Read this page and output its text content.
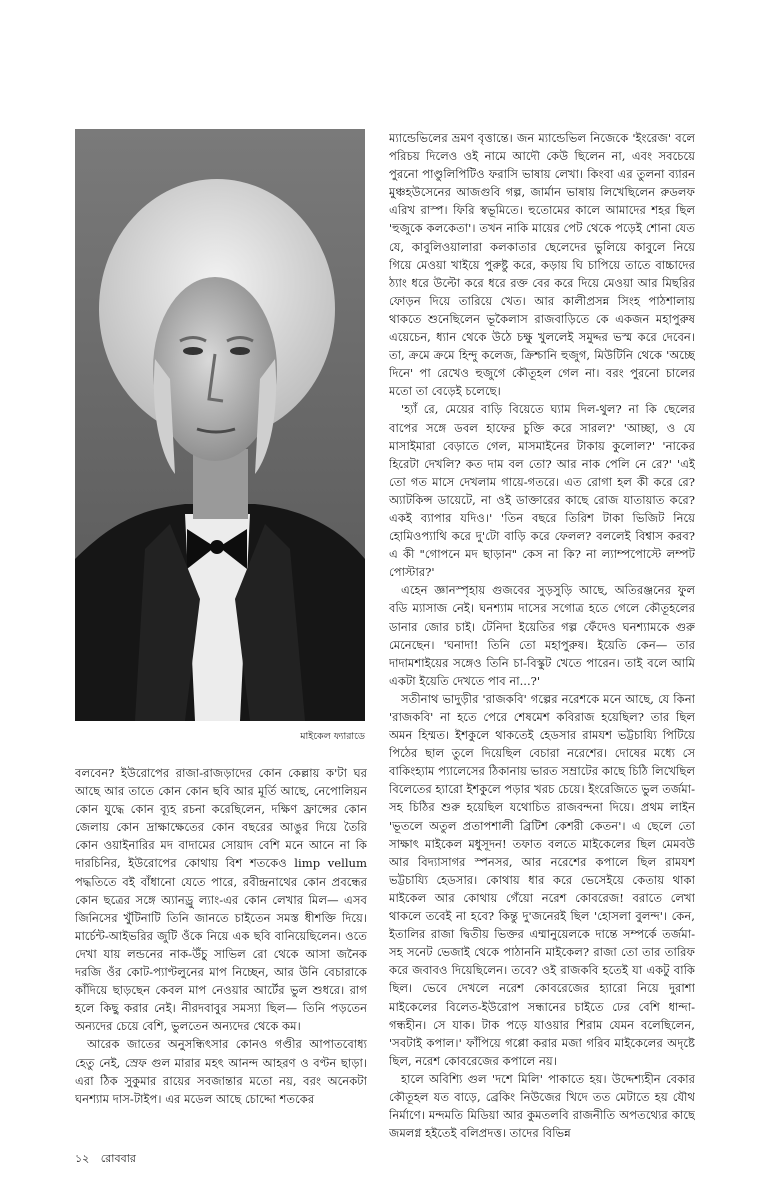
মাইকেল ফ্যারাডে

বলবেন? ইউরোপের রাজা-রাজড়াদের কোন কেল্লায় ক'টা ঘর আছে আর তাতে কোন কোন ছবি আর মূর্তি আছে, নেপোলিয়ন কোন যুদ্ধে কোন ব্যূহ রচনা করেছিলেন, দক্ষিণ ফ্রান্সের কোন জেলায় কোন দ্রাক্ষাক্ষেতের কোন বছরের আঙুর দিয়ে তৈরি কোন ওয়াইনারির মদ বাদামের সোয়াদ বেশি মনে আনে না কি দারচিনির, ইউরোপের কোথায় বিশ শতকেও limp vellum পদ্ধতিতে বই বাঁধানো যেতে পারে, রবীন্দ্রনাথের কোন প্রবন্ধের কোন ছত্রের সঙ্গে অ্যানড্রু ল্যাং-এর কোন লেখার মিল— এসব জিনিসের খুঁটিনাটি তিনি জানতে চাইতেন সমস্ত ধীশক্তি দিয়ে। মার্চেন্ট-আইভরির জুটি ওঁকে নিয়ে এক ছবি বানিয়েছিলেন। ওতে দেখা যায় লন্ডনের নাক-উঁচু সাভিল রো থেকে আসা জনৈক দরজি ওঁর কোট-প্যাণ্টলুনের মাপ নিচ্ছেন, আর উনি বেচারাকে কাঁদিয়ে ছাড়ছেন কেবল মাপ নেওয়ার আর্টের ভুল শুধরে। রাগ হলে কিছু করার নেই। নীরদবাবুর সমস্যা ছিল— তিনি পড়তেন অন্যদের চেয়ে বেশি, ভুলতেন অন্যদের থেকে কম।

আরেক জাতের অনুসন্ধিৎসার কোনও গণ্ডীর আপাতবোধ্য হেতু নেই, স্রেফ গুল মারার মহৎ আনন্দ আহরণ ও বণ্টন ছাড়া। এরা ঠিক সুকুমার রায়ের সবজান্তার মতো নয়, বরং অনেকটা ঘনশ্যাম দাস-টাইপ। এর মডেল আছে চোদ্দো শতকের

ম্যান্ডেভিলের ভ্রমণ বৃত্তান্তে। জন ম্যান্ডেভিল নিজেকে 'ইংরেজ' বলে পরিচয় দিলেও ওই নামে আদৌ কেউ ছিলেন না, এবং সবচেয়ে পুরনো পাণ্ডুলিপিটিও ফরাসি ভাষায় লেখা। কিংবা এর তুলনা ব্যারন মুঞ্চহউসেনের আজগুবি গল্প, জার্মান ভাষায় লিখেছিলেন রুডলফ এরিখ রাস্প। ফিরি স্বভূমিতে। হুতোমের কালে আমাদের শহর ছিল 'হুজুকে কলকেতা'। তখন নাকি মায়ের পেট থেকে পড়েই শোনা যেত যে, কাবুলিওয়ালারা কলকাতার ছেলেদের ভুলিয়ে কাবুলে নিয়ে গিয়ে মেওয়া খাইয়ে পুরুষ্টু করে, কড়ায় ঘি চাপিয়ে তাতে বাচ্চাদের ঠ্যাং ধরে উল্টো করে ধরে রক্ত বের করে দিয়ে মেওয়া আর মিছরির ফোড়ন দিয়ে তারিয়ে খেত। আর কালীপ্রসন্ন সিংহ পাঠশালায় থাকতে শুনেছিলেন ভূকৈলাস রাজবাড়িতে কে একজন মহাপুরুষ এয়েচেন, ধ্যান থেকে উঠে চক্ষু খুললেই সমুদ্দর ভস্ম করে দেবেন। তা, ক্রমে ক্রমে হিন্দু কলেজ, ক্রিশ্চানি হুজুগ, মিউটিনি থেকে 'অচ্ছে দিনে' পা রেখেও হুজুগে কৌতূহল গেল না। বরং পুরনো চালের মতো তা বেড়েই চলেছে।

'হ্যাঁ রে, মেয়ের বাড়ি বিয়েতে ঘ্যাম দিল-থুল? না কি ছেলের বাপের সঙ্গে ডবল হাফের চুক্তি করে সারল?' 'আচ্ছা, ও যে মাসাইমারা বেড়াতে গেল, মাসমাইনের টাকায় কুলোল?' 'নাকের হিরেটা দেখলি? কত দাম বল তো? আর নাক পেলি নে রে?' 'এই তো গত মাসে দেখলাম গায়ে-গতরে। এত রোগা হল কী করে রে? অ্যাটকিন্স ডায়েটে, না ওই ডাক্তারের কাছে রোজ যাতায়াত করে? একই ব্যাপার যদিও।' 'তিন বছরে তিরিশ টাকা ভিজিট নিয়ে হোমিওপ্যাথি করে দু'টো বাড়ি করে ফেলল? বললেই বিশ্বাস করব? এ কী "গোপনে মদ ছাড়ান" কেস না কি? না ল্যাম্পপোস্টে লম্পট পোস্টার?'

এহেন জ্ঞানস্পৃহায় গুজবের সুড়সুড়ি আছে, অতিরঞ্জনের ফুল বডি ম্যাসাজ নেই। ঘনশ্যাম দাসের সগোত্র হতে গেলে কৌতূহলের ডানার জোর চাই। টেনিদা ইয়েতির গল্প ফেঁদেও ঘনশ্যামকে গুরু মেনেছেন। 'ঘনাদা! তিনি তো মহাপুরুষ। ইয়েতি কেন— তার দাদামশাইয়ের সঙ্গেও তিনি চা-বিস্কুট খেতে পারেন। তাই বলে আমি একটা ইয়েতি দেখতে পাব না...?'

সতীনাথ ভাদুড়ীর 'রাজকবি' গল্পের নরেশকে মনে আছে, যে কিনা 'রাজকবি' না হতে পেরে শেষমেশ কবিরাজ হয়েছিল? তার ছিল অমন হিম্মত। ইশকুলে থাকতেই হেডসার রামযশ ভট্টচায্যি পিটিয়ে পিঠের ছাল তুলে দিয়েছিল বেচারা নরেশের। দোষের মধ্যে সে বাকিংহ্যাম প্যালেসের ঠিকানায় ভারত সম্রাটের কাছে চিঠি লিখেছিল বিলেতের হ্যারো ইশকুলে পড়ার খরচ চেয়ে। ইংরেজিতে ভুল তর্জমা-সহ চিঠির শুরু হয়েছিল যথোচিত রাজবন্দনা দিয়ে। প্রথম লাইন 'ভূতলে অতুল প্রতাপশালী ব্রিটিশ কেশরী কেতন'। এ ছেলে তো সাক্ষাৎ মাইকেল মধুসূদন! তফাত বলতে মাইকেলের ছিল মেমবউ আর বিদ্যাসাগর স্পনসর, আর নরেশের কপালে ছিল রামযশ ভট্টচায্যি হেডসার। কোথায় ধার করে ভেসেইয়ে কেতায় থাকা মাইকেল আর কোথায় গেঁয়ো নরেশ কোবরেজ! বরাতে লেখা থাকলে তবেই না হবে? কিন্তু দু'জনেরই ছিল 'হোসলা বুলন্দ'। কেন, ইতালির রাজা দ্বিতীয় ভিক্তর এম্মানুয়েলকে দান্তে সম্পর্কে তর্জমা-সহ সনেট ভেজাই থেকে পাঠাননি মাইকেল? রাজা তো তার তারিফ করে জবাবও দিয়েছিলেন। তবে? ওই রাজকবি হতেই যা একটু বাকি ছিল। ভেবে দেখলে নরেশ কোবরেজের হ্যারো নিয়ে দুরাশা মাইকেলের বিলেত-ইউরোপ সন্ধানের চাইতে ঢের বেশি ধান্দা-গন্ধহীন। সে যাক। টাক পড়ে যাওয়ার শিরাম যেমন বলেছিলেন, 'সবটাই কপাল।' ফাঁপিয়ে গপ্পো করার মজা গরিব মাইকেলের অদৃষ্টে ছিল, নরেশ কোবরেজের কপালে নয়।

হালে অবিশ্যি গুল 'দশে মিলি' পাকাতে হয়। উদ্দেশ্যহীন বেকার কৌতূহল যত বাড়ে, ব্রেকিং নিউজের খিদে তত মেটাতে হয় যৌথ নির্মাণে। মন্দমতি মিডিয়া আর কুমতলবি রাজনীতি অপতথ্যের কাছে জমলগ্ন হইতেই বলিপ্রদত্ত। তাদের বিভিন্ন

১২ রোববার
